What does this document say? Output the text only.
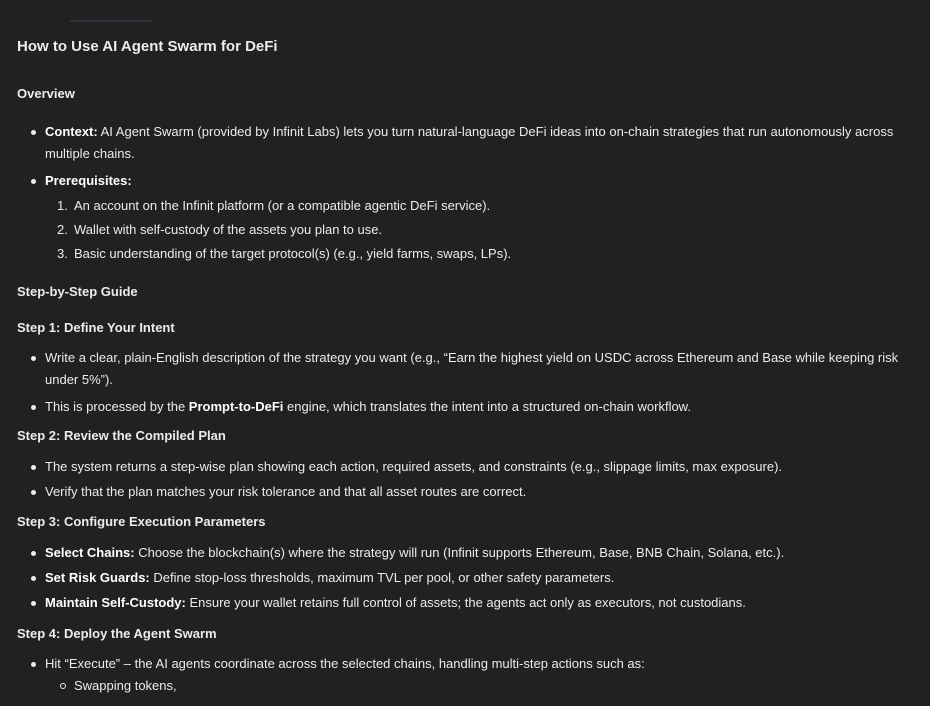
How to Use AI Agent Swarm for DeFi
Overview
Context: AI Agent Swarm (provided by Infinit Labs) lets you turn natural-language DeFi ideas into on-chain strategies that run autonomously across multiple chains.
Prerequisites:
1. An account on the Infinit platform (or a compatible agentic DeFi service).
2. Wallet with self-custody of the assets you plan to use.
3. Basic understanding of the target protocol(s) (e.g., yield farms, swaps, LPs).
Step-by-Step Guide
Step 1: Define Your Intent
Write a clear, plain-English description of the strategy you want (e.g., “Earn the highest yield on USDC across Ethereum and Base while keeping risk under 5%”).
This is processed by the Prompt-to-DeFi engine, which translates the intent into a structured on-chain workflow.
Step 2: Review the Compiled Plan
The system returns a step-wise plan showing each action, required assets, and constraints (e.g., slippage limits, max exposure).
Verify that the plan matches your risk tolerance and that all asset routes are correct.
Step 3: Configure Execution Parameters
Select Chains: Choose the blockchain(s) where the strategy will run (Infinit supports Ethereum, Base, BNB Chain, Solana, etc.).
Set Risk Guards: Define stop-loss thresholds, maximum TVL per pool, or other safety parameters.
Maintain Self-Custody: Ensure your wallet retains full control of assets; the agents act only as executors, not custodians.
Step 4: Deploy the Agent Swarm
Hit “Execute” – the AI agents coordinate across the selected chains, handling multi-step actions such as:
Swapping tokens,
